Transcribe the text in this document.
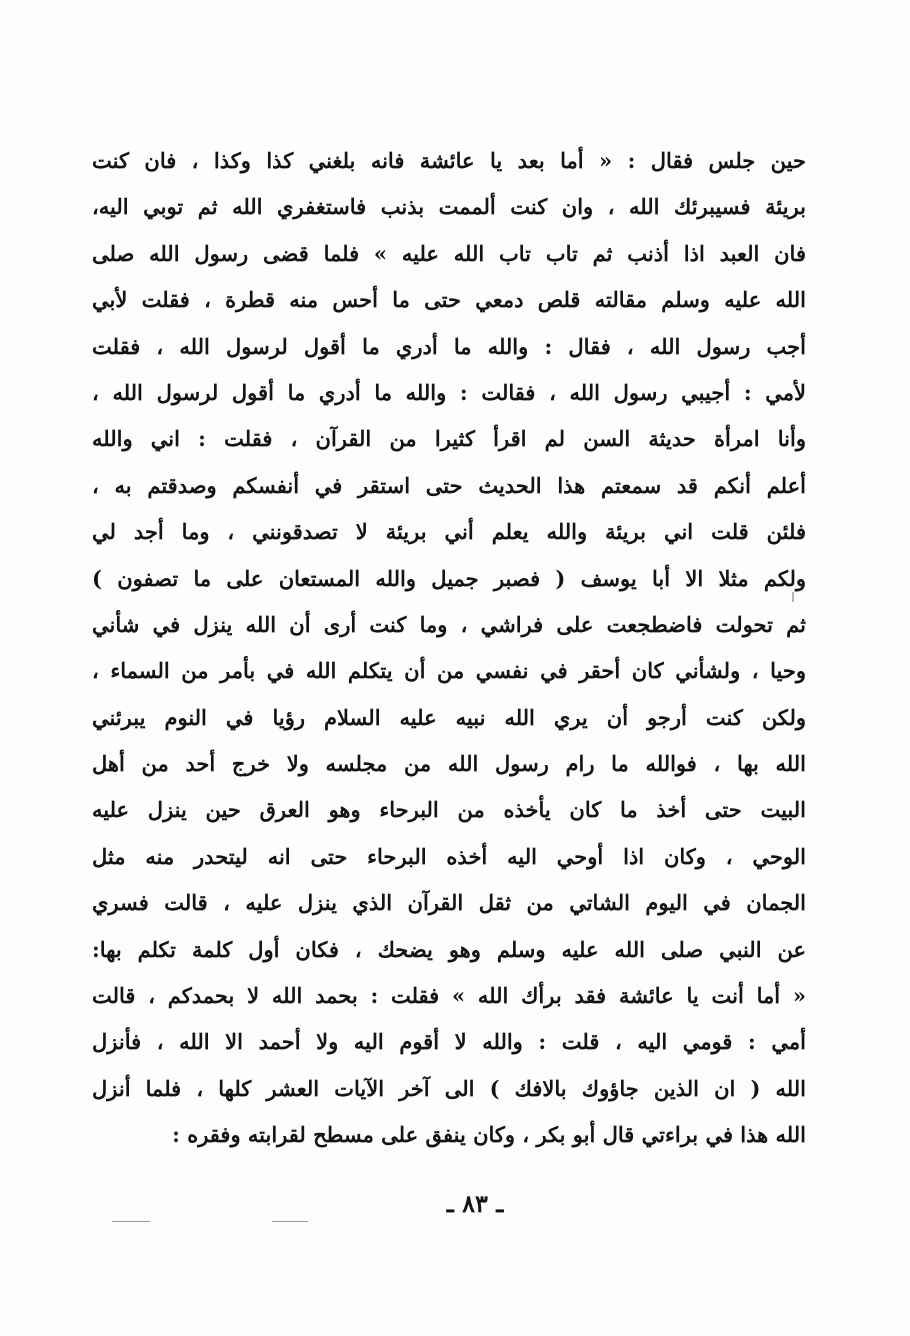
حين جلس فقال : « أما بعد يا عائشة فانه بلغني كذا وكذا ، فان كنت
بريئة فسيبرئك الله ، وان كنت ألممت بذنب فاستغفري الله ثم توبي اليه،
فان العبد اذا أذنب ثم تاب تاب الله عليه » فلما قضى رسول الله صلى
الله عليه وسلم مقالته قلص دمعي حتى ما أحس منه قطرة ، فقلت لأبي
أجب رسول الله ، فقال : والله ما أدري ما أقول لرسول الله ، فقلت
لأمي : أجيبي رسول الله ، فقالت : والله ما أدري ما أقول لرسول الله ،
وأنا امرأة حديثة السن لم اقرأ كثيرا من القرآن ، فقلت : اني والله
أعلم أنكم قد سمعتم هذا الحديث حتى استقر في أنفسكم وصدقتم به ،
فلئن قلت اني بريئة والله يعلم أني بريئة لا تصدقونني ، وما أجد لي
ولكم مثلا الا أبا يوسف ( فصبر جميل والله المستعان على ما تصفون )
ثم تحولت فاضطجعت على فراشي ، وما كنت أرى أن الله ينزل في شأني
وحيا ، ولشأني كان أحقر في نفسي من أن يتكلم الله في بأمر من السماء ،
ولكن كنت أرجو أن يري الله نبيه عليه السلام رؤيا في النوم يبرئني
الله بها ، فوالله ما رام رسول الله من مجلسه ولا خرج أحد من أهل
البيت حتى أخذ ما كان يأخذه من البرحاء وهو العرق حين ينزل عليه
الوحي ، وكان اذا أوحي اليه أخذه البرحاء حتى انه ليتحدر منه مثل
الجمان في اليوم الشاتي من ثقل القرآن الذي ينزل عليه ، قالت فسري
عن النبي صلى الله عليه وسلم وهو يضحك ، فكان أول كلمة تكلم بها:
« أما أنت يا عائشة فقد برأك الله » فقلت : بحمد الله لا بحمدكم ، قالت
أمي : قومي اليه ، قلت : والله لا أقوم اليه ولا أحمد الا الله ، فأنزل
الله ( ان الذين جاؤوك بالافك ) الى آخر الآيات العشر كلها ، فلما أنزل
الله هذا في براءتي قال أبو بكر ، وكان ينفق على مسطح لقرابته وفقره :
ـ ٨٣ ـ
